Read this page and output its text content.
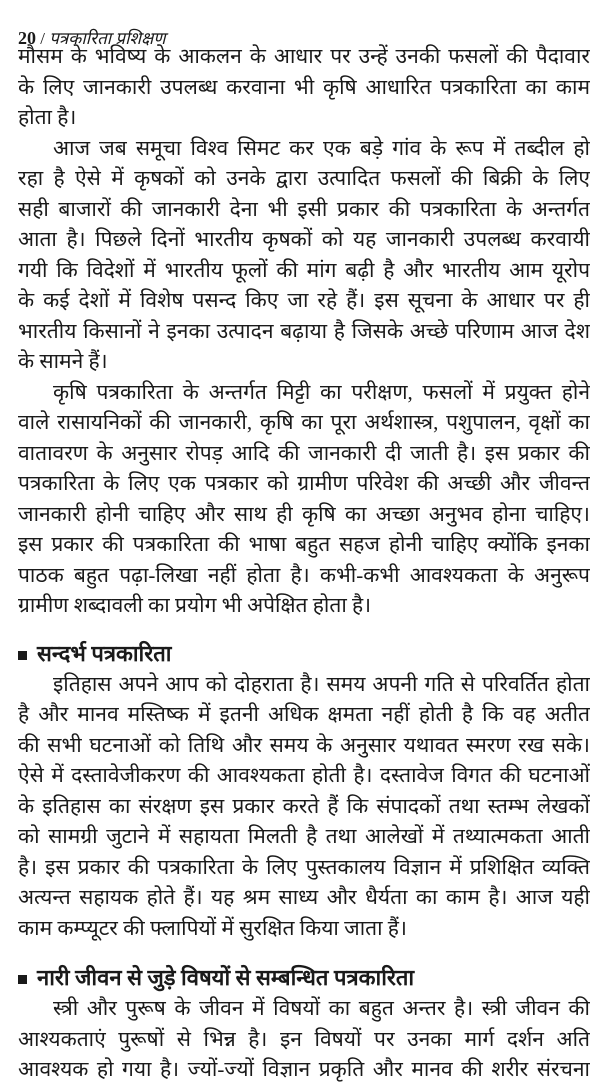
20 / पत्रकारिता प्रशिक्षण
मौसम के भविष्य के आकलन के आधार पर उन्हें उनकी फसलों की पैदावार
के लिए जानकारी उपलब्ध करवाना भी कृषि आधारित पत्रकारिता का काम
होता है।
आज जब समूचा विश्व सिमट कर एक बड़े गांव के रूप में तब्दील हो
रहा है ऐसे में कृषकों को उनके द्वारा उत्पादित फसलों की बिक्री के लिए
सही बाजारों की जानकारी देना भी इसी प्रकार की पत्रकारिता के अन्तर्गत
आता है। पिछले दिनों भारतीय कृषकों को यह जानकारी उपलब्ध करवायी
गयी कि विदेशों में भारतीय फूलों की मांग बढ़ी है और भारतीय आम यूरोप
के कई देशों में विशेष पसन्द किए जा रहे हैं। इस सूचना के आधार पर ही
भारतीय किसानों ने इनका उत्पादन बढ़ाया है जिसके अच्छे परिणाम आज देश
के सामने हैं।
कृषि पत्रकारिता के अन्तर्गत मिट्टी का परीक्षण, फसलों में प्रयुक्त होने
वाले रासायनिकों की जानकारी, कृषि का पूरा अर्थशास्त्र, पशुपालन, वृक्षों का
वातावरण के अनुसार रोपड़ आदि की जानकारी दी जाती है। इस प्रकार की
पत्रकारिता के लिए एक पत्रकार को ग्रामीण परिवेश की अच्छी और जीवन्त
जानकारी होनी चाहिए और साथ ही कृषि का अच्छा अनुभव होना चाहिए।
इस प्रकार की पत्रकारिता की भाषा बहुत सहज होनी चाहिए क्योंकि इनका
पाठक बहुत पढ़ा-लिखा नहीं होता है। कभी-कभी आवश्यकता के अनुरूप
ग्रामीण शब्दावली का प्रयोग भी अपेक्षित होता है।
सन्दर्भ पत्रकारिता
इतिहास अपने आप को दोहराता है। समय अपनी गति से परिवर्तित होता
है और मानव मस्तिष्क में इतनी अधिक क्षमता नहीं होती है कि वह अतीत
की सभी घटनाओं को तिथि और समय के अनुसार यथावत स्मरण रख सके।
ऐसे में दस्तावेजीकरण की आवश्यकता होती है। दस्तावेज विगत की घटनाओं
के इतिहास का संरक्षण इस प्रकार करते हैं कि संपादकों तथा स्तम्भ लेखकों
को सामग्री जुटाने में सहायता मिलती है तथा आलेखों में तथ्यात्मकता आती
है। इस प्रकार की पत्रकारिता के लिए पुस्तकालय विज्ञान में प्रशिक्षित व्यक्ति
अत्यन्त सहायक होते हैं। यह श्रम साध्य और धैर्यता का काम है। आज यही
काम कम्प्यूटर की फ्लापियों में सुरक्षित किया जाता हैं।
नारी जीवन से जुड़े विषयों से सम्बन्धित पत्रकारिता
स्त्री और पुरूष के जीवन में विषयों का बहुत अन्तर है। स्त्री जीवन की
आश्यकताएं पुरूषों से भिन्न है। इन विषयों पर उनका मार्ग दर्शन अति
आवश्यक हो गया है। ज्यों-ज्यों विज्ञान प्रकृति और मानव की शरीर संरचना
